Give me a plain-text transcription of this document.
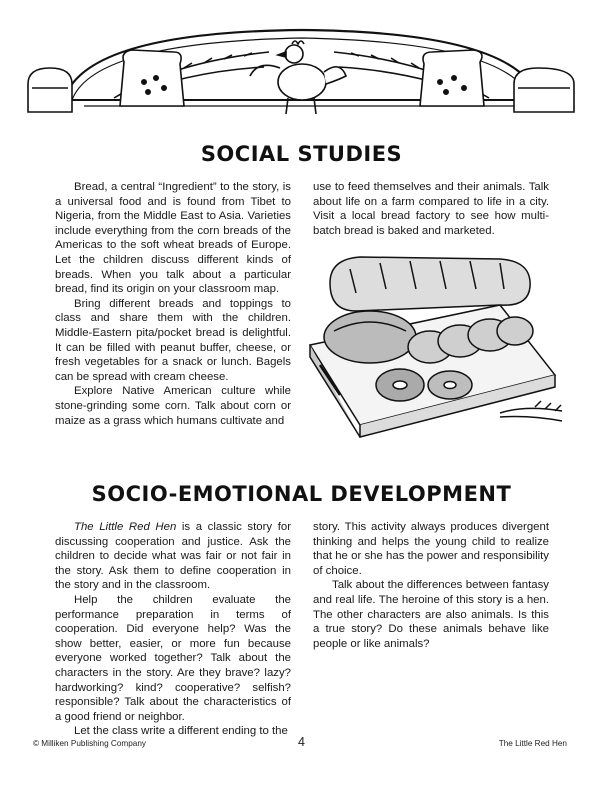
SOCIAL STUDIES

Bread, a central “Ingredient” to the story, is a universal food and is found from Tibet to Nigeria, from the Middle East to Asia. Varieties include everything from the corn breads of the Americas to the soft wheat breads of Europe. Let the children discuss different kinds of breads. When you talk about a particular bread, find its origin on your classroom map.

Bring different breads and toppings to class and share them with the children. Middle-Eastern pita/pocket bread is delightful. It can be filled with peanut buffer, cheese, or fresh vegetables for a snack or lunch. Bagels can be spread with cream cheese.

Explore Native American culture while stone-grinding some corn. Talk about corn or maize as a grass which humans cultivate and

use to feed themselves and their animals. Talk about life on a farm compared to life in a city. Visit a local bread factory to see how multi-batch bread is baked and marketed.

SOCIO-EMOTIONAL DEVELOPMENT

The Little Red Hen is a classic story for discussing cooperation and justice. Ask the children to decide what was fair or not fair in the story. Ask them to define cooperation in the story and in the classroom.

Help the children evaluate the performance preparation in terms of cooperation. Did everyone help? Was the show better, easier, or more fun because everyone worked together? Talk about the characters in the story. Are they brave? lazy? hardworking? kind? cooperative? selfish? responsible? Talk about the characteristics of a good friend or neighbor.

Let the class write a different ending to the

story. This activity always produces divergent thinking and helps the young child to realize that he or she has the power and responsibility of choice.

Talk about the differences between fantasy and real life. The heroine of this story is a hen. The other characters are also animals. Is this a true story? Do these animals behave like people or like animals?

© Milliken Publishing Company	4	The Little Red Hen
